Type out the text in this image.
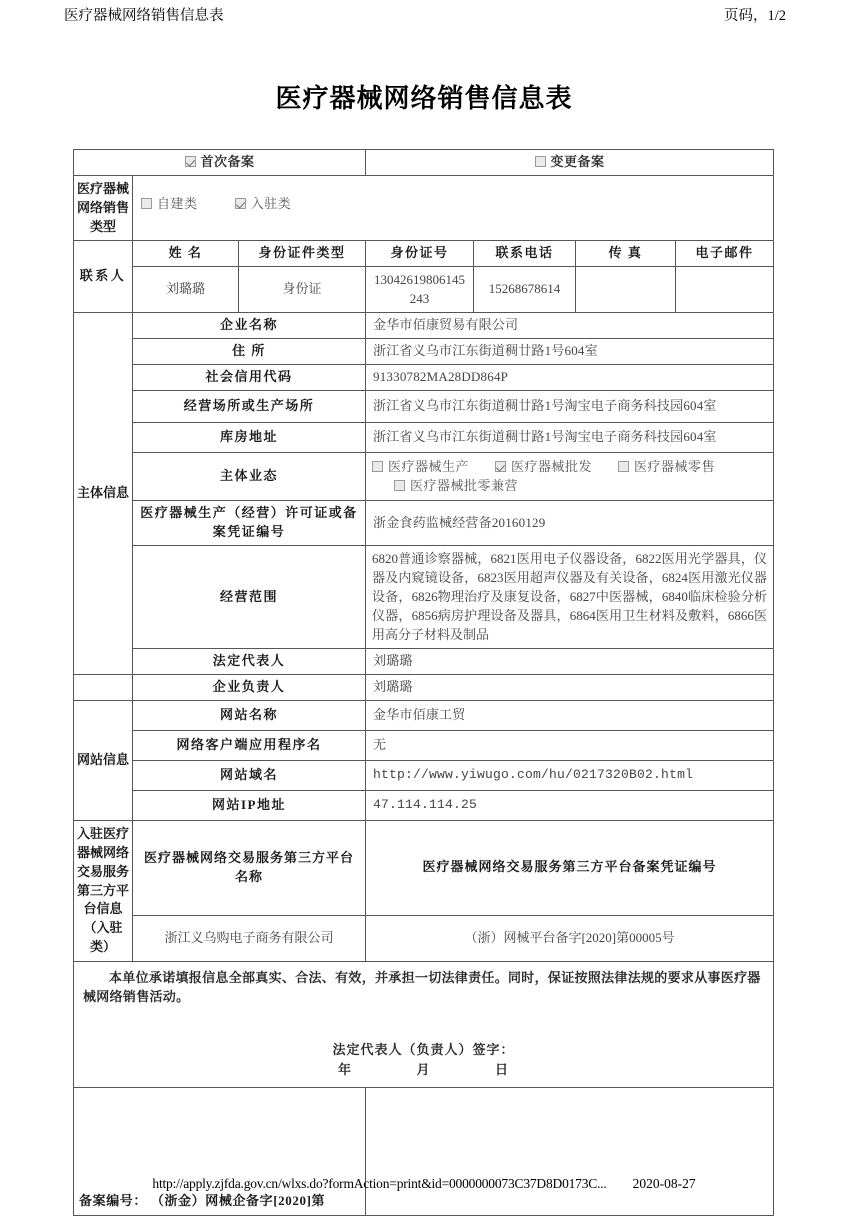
医疗器械网络销售信息表	页码，1/2
医疗器械网络销售信息表
首次备案			变更备案			
医疗器械网络销售类型	自建类 入驻类					
联系人	姓 名	身份证件类型	身份证号	联系电话	传 真	电子邮件
	刘璐璐	身份证	13042619806145243	15268678614		
主体信息	企业名称		金华市佰康贸易有限公司			
	住 所		浙江省义乌市江东街道稠廿路1号604室			
	社会信用代码		91330782MA28DD864P			
	经营场所或生产场所		浙江省义乌市江东街道稠廿路1号淘宝电子商务科技园604室			
	库房地址		浙江省义乌市江东街道稠廿路1号淘宝电子商务科技园604室			
	主体业态		医疗器械生产 医疗器械批发 医疗器械零售 医疗器械批零兼营			
	医疗器械生产（经营）许可证或备案凭证编号		浙金食药监械经营备20160129			
	经营范围		6820普通诊察器械，6821医用电子仪器设备，6822医用光学器具，仪器及内窥镜设备，6823医用超声仪器及有关设备，6824医用激光仪器设备，6826物理治疗及康复设备，6827中医器械，6840临床检验分析仪器，6856病房护理设备及器具，6864医用卫生材料及敷料，6866医用高分子材料及制品			
	法定代表人		刘璐璐			
	企业负责人		刘璐璐			
网站信息	网站名称		金华市佰康工贸			
	网络客户端应用程序名		无			
	网站域名		http://www.yiwugo.com/hu/0217320B02.html			
	网站IP地址		47.114.114.25			
入驻医疗器械网络交易服务第三方平台信息（入驻类）	医疗器械网络交易服务第三方平台名称		医疗器械网络交易服务第三方平台备案凭证编号			
	浙江义乌购电子商务有限公司		（浙）网械平台备字[2020]第00005号			

本单位承诺填报信息全部真实、合法、有效，并承担一切法律责任。同时，保证按照法律法规的要求从事医疗器械网络销售活动。

法定代表人（负责人）签字：
年 月 日						

备案编号： （浙金）网械企备字[2020]第						
http://apply.zjfda.gov.cn/wlxs.do?formAction=print&id=0000000073C37D8D0173C... 2020-08-27
